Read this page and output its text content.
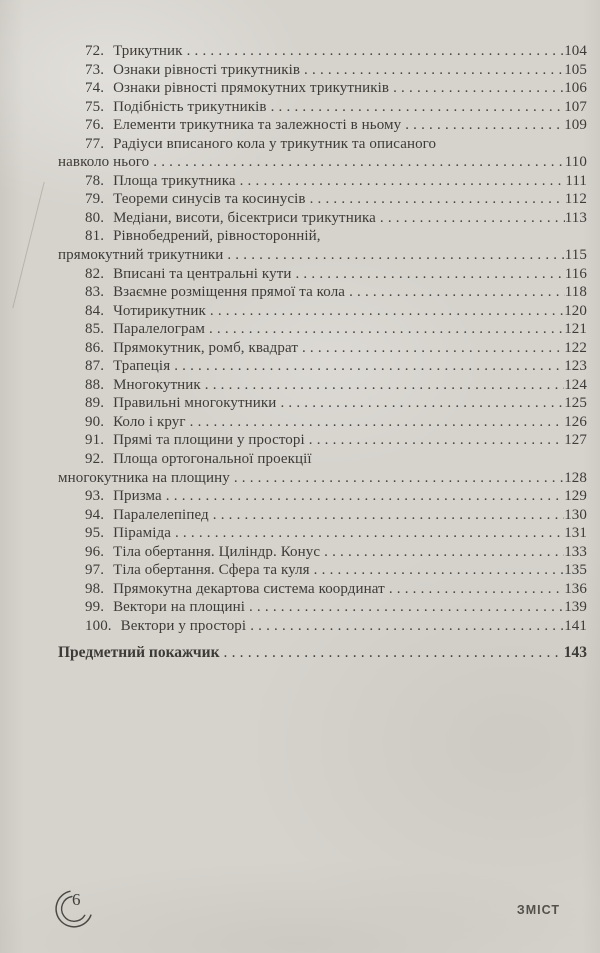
72. Трикутник .....	104
73. Ознаки рівності трикутників .....	105
74. Ознаки рівності прямокутних трикутників .....	106
75. Подібність трикутників .....	107
76. Елементи трикутника та залежності в ньому .....	109
77. Радіуси вписаного кола у трикутник та описаного
навколо нього .....	110
78. Площа трикутника .....	111
79. Теореми синусів та косинусів .....	112
80. Медіани, висоти, бісектриси трикутника .....	113
81. Рівнобедрений, рівносторонній,
прямокутний трикутники .....	115
82. Вписані та центральні кути .....	116
83. Взаємне розміщення прямої та кола .....	118
84. Чотирикутник .....	120
85. Паралелограм .....	121
86. Прямокутник, ромб, квадрат .....	122
87. Трапеція .....	123
88. Многокутник .....	124
89. Правильні многокутники .....	125
90. Коло і круг .....	126
91. Прямі та площини у просторі .....	127
92. Площа ортогональної проекції
многокутника на площину .....	128
93. Призма .....	129
94. Паралелепіпед .....	130
95. Піраміда .....	131
96. Тіла обертання. Циліндр. Конус .....	133
97. Тіла обертання. Сфера та куля .....	135
98. Прямокутна декартова система координат .....	136
99. Вектори на площині .....	139
100. Вектори у просторі .....	141
Предметний покажчик .....	143
6
ЗМІСТ
